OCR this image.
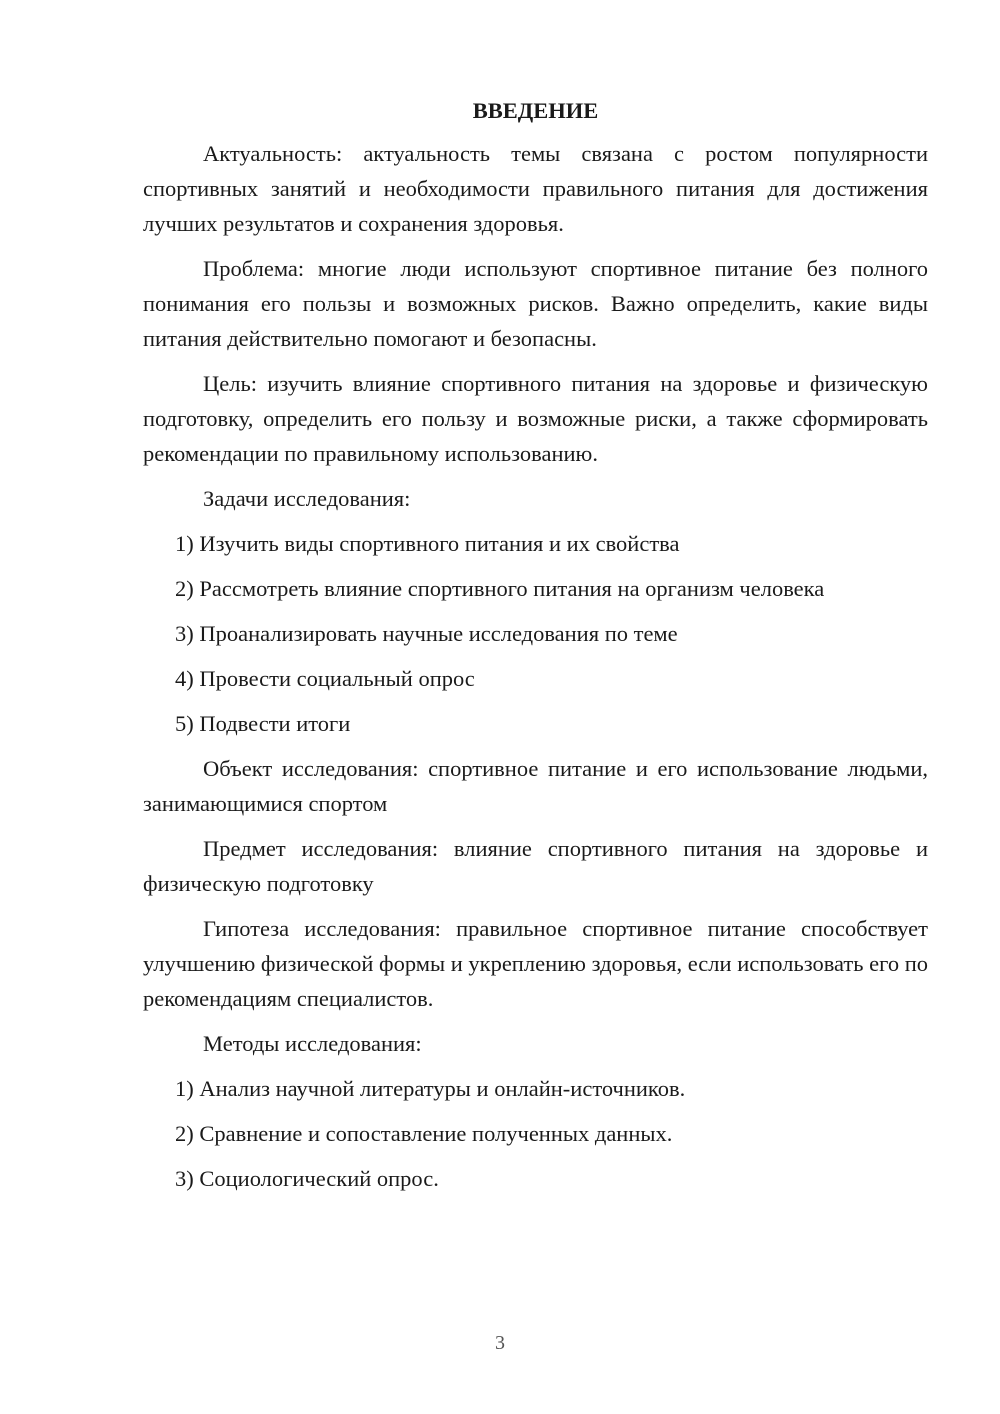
ВВЕДЕНИЕ
Актуальность: актуальность темы связана с ростом популярности спортивных занятий и необходимости правильного питания для достижения лучших результатов и сохранения здоровья.
Проблема: многие люди используют спортивное питание без полного понимания его пользы и возможных рисков. Важно определить, какие виды питания действительно помогают и безопасны.
Цель: изучить влияние спортивного питания на здоровье и физическую подготовку, определить его пользу и возможные риски, а также сформировать рекомендации по правильному использованию.
Задачи исследования:
1) Изучить виды спортивного питания и их свойства
2) Рассмотреть влияние спортивного питания на организм человека
3) Проанализировать научные исследования по теме
4) Провести социальный опрос
5) Подвести итоги
Объект исследования: спортивное питание и его использование людьми, занимающимися спортом
Предмет исследования: влияние спортивного питания на здоровье и физическую подготовку
Гипотеза исследования: правильное спортивное питание способствует улучшению физической формы и укреплению здоровья, если использовать его по рекомендациям специалистов.
Методы исследования:
1) Анализ научной литературы и онлайн-источников.
2) Сравнение и сопоставление полученных данных.
3) Социологический опрос.
3
